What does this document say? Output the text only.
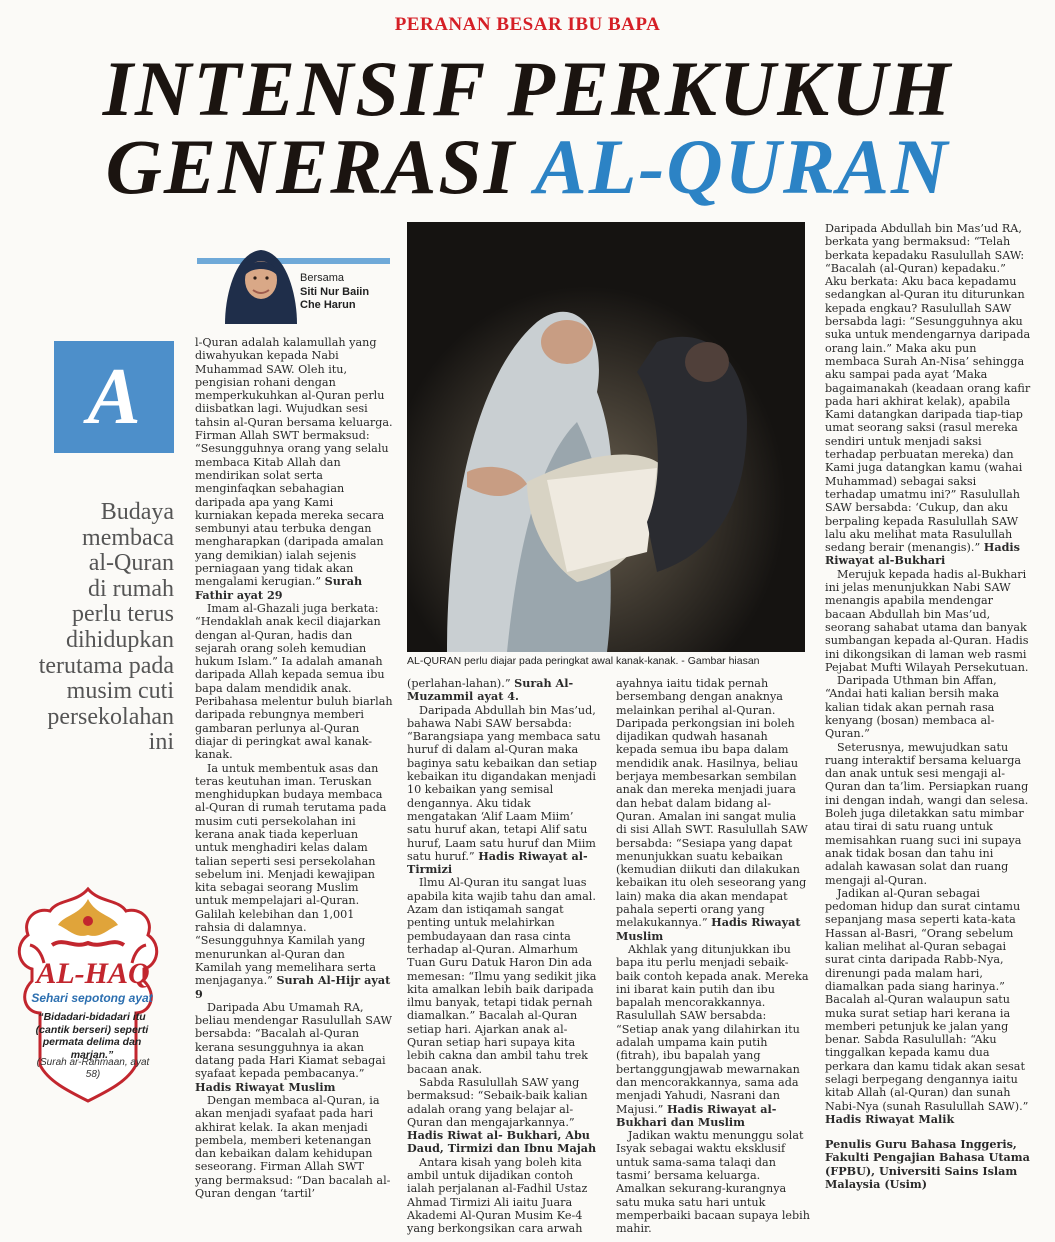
PERANAN BESAR IBU BAPA
INTENSIF PERKUKUH
GENERASI AL-QURAN
Bersama
Siti Nur Baiin
Che Harun
A
Budaya
membaca
al-Quran
di rumah
perlu terus
dihidupkan
terutama pada
musim cuti
persekolahan
ini
AL-HAQ
Sehari sepotong ayat
“Bidadari-bidadari itu (cantik berseri) seperti permata delima dan marjan.”
(Surah ar-Rahmaan, ayat 58)
AL-QURAN perlu diajar pada peringkat awal kanak-kanak. - Gambar hiasan

l-Quran adalah kalamullah yang diwahyukan kepada Nabi Muhammad SAW. Oleh itu, pengisian rohani dengan memperkukuhkan al-Quran perlu diisbatkan lagi. Wujudkan sesi tahsin al-Quran bersama keluarga. Firman Allah SWT bermaksud: “Sesungguhnya orang yang selalu membaca Kitab Allah dan mendirikan solat serta menginfaqkan sebahagian daripada apa yang Kami kurniakan kepada mereka secara sembunyi atau terbuka dengan mengharapkan (daripada amalan yang demikian) ialah sejenis perniagaan yang tidak akan mengalami kerugian.” Surah Fathir ayat 29

Imam al-Ghazali juga berkata: “Hendaklah anak kecil diajarkan dengan al-Quran, hadis dan sejarah orang soleh kemudian hukum Islam.” Ia adalah amanah daripada Allah kepada semua ibu bapa dalam mendidik anak. Peribahasa melentur buluh biarlah daripada rebungnya memberi gambaran perlunya al-Quran diajar di peringkat awal kanak-kanak.

Ia untuk membentuk asas dan teras keutuhan iman. Teruskan menghidupkan budaya membaca al-Quran di rumah terutama pada musim cuti persekolahan ini kerana anak tiada keperluan untuk menghadiri kelas dalam talian seperti sesi persekolahan sebelum ini. Menjadi kewajipan kita sebagai seorang Muslim untuk mempelajari al-Quran. Galilah kelebihan dan 1,001 rahsia di dalamnya. “Sesungguhnya Kamilah yang menurunkan al-Quran dan Kamilah yang memelihara serta menjaganya.” Surah Al-Hijr ayat 9

Daripada Abu Umamah RA, beliau mendengar Rasulullah SAW bersabda: “Bacalah al-Quran kerana sesungguhnya ia akan datang pada Hari Kiamat sebagai syafaat kepada pembacanya.” Hadis Riwayat Muslim

Dengan membaca al-Quran, ia akan menjadi syafaat pada hari akhirat kelak. Ia akan menjadi pembela, memberi ketenangan dan kebaikan dalam kehidupan seseorang. Firman Allah SWT yang bermaksud: “Dan bacalah al-Quran dengan ‘tartil’

(perlahan-lahan).” Surah Al-Muzammil ayat 4.

Daripada Abdullah bin Mas’ud, bahawa Nabi SAW bersabda: “Barangsiapa yang membaca satu huruf di dalam al-Quran maka baginya satu kebaikan dan setiap kebaikan itu digandakan menjadi 10 kebaikan yang semisal dengannya. Aku tidak mengatakan ‘Alif Laam Miim’ satu huruf akan, tetapi Alif satu huruf, Laam satu huruf dan Miim satu huruf.” Hadis Riwayat al-Tirmizi

Ilmu Al-Quran itu sangat luas apabila kita wajib tahu dan amal. Azam dan istiqamah sangat penting untuk melahirkan pembudayaan dan rasa cinta terhadap al-Quran. Almarhum Tuan Guru Datuk Haron Din ada memesan: “Ilmu yang sedikit jika kita amalkan lebih baik daripada ilmu banyak, tetapi tidak pernah diamalkan.” Bacalah al-Quran setiap hari. Ajarkan anak al-Quran setiap hari supaya kita lebih cakna dan ambil tahu trek bacaan anak.

Sabda Rasulullah SAW yang bermaksud: “Sebaik-baik kalian adalah orang yang belajar al-Quran dan mengajarkannya.” Hadis Riwat al- Bukhari, Abu Daud, Tirmizi dan Ibnu Majah

Antara kisah yang boleh kita ambil untuk dijadikan contoh ialah perjalanan al-Fadhil Ustaz Ahmad Tirmizi Ali iaitu Juara Akademi Al-Quran Musim Ke-4 yang berkongsikan cara arwah

ayahnya iaitu tidak pernah bersembang dengan anaknya melainkan perihal al-Quran. Daripada perkongsian ini boleh dijadikan qudwah hasanah kepada semua ibu bapa dalam mendidik anak. Hasilnya, beliau berjaya membesarkan sembilan anak dan mereka menjadi juara dan hebat dalam bidang al-Quran. Amalan ini sangat mulia di sisi Allah SWT. Rasulullah SAW bersabda: “Sesiapa yang dapat menunjukkan suatu kebaikan (kemudian diikuti dan dilakukan kebaikan itu oleh seseorang yang lain) maka dia akan mendapat pahala seperti orang yang melakukannya.” Hadis Riwayat Muslim

Akhlak yang ditunjukkan ibu bapa itu perlu menjadi sebaik-baik contoh kepada anak. Mereka ini ibarat kain putih dan ibu bapalah mencorakkannya. Rasulullah SAW bersabda: “Setiap anak yang dilahirkan itu adalah umpama kain putih (fitrah), ibu bapalah yang bertanggungjawab mewarnakan dan mencorakkannya, sama ada menjadi Yahudi, Nasrani dan Majusi.” Hadis Riwayat al-Bukhari dan Muslim

Jadikan waktu menunggu solat Isyak sebagai waktu eksklusif untuk sama-sama talaqi dan tasmi’ bersama keluarga. Amalkan sekurang-kurangnya satu muka satu hari untuk memperbaiki bacaan supaya lebih mahir.

Daripada Abdullah bin Mas’ud RA, berkata yang bermaksud: “Telah berkata kepadaku Rasulullah SAW: “Bacalah (al-Quran) kepadaku.” Aku berkata: Aku baca kepadamu sedangkan al-Quran itu diturunkan kepada engkau? Rasulullah SAW bersabda lagi: “Sesungguhnya aku suka untuk mendengarnya daripada orang lain.” Maka aku pun membaca Surah An-Nisa’ sehingga aku sampai pada ayat ‘Maka bagaimanakah (keadaan orang kafir pada hari akhirat kelak), apabila Kami datangkan daripada tiap-tiap umat seorang saksi (rasul mereka sendiri untuk menjadi saksi terhadap perbuatan mereka) dan Kami juga datangkan kamu (wahai Muhammad) sebagai saksi terhadap umatmu ini?” Rasulullah SAW bersabda: ‘Cukup, dan aku berpaling kepada Rasulullah SAW lalu aku melihat mata Rasulullah sedang berair (menangis).” Hadis Riwayat al-Bukhari

Merujuk kepada hadis al-Bukhari ini jelas menunjukkan Nabi SAW menangis apabila mendengar bacaan Abdullah bin Mas’ud, seorang sahabat utama dan banyak sumbangan kepada al-Quran. Hadis ini dikongsikan di laman web rasmi Pejabat Mufti Wilayah Persekutuan.

Daripada Uthman bin Affan, “Andai hati kalian bersih maka kalian tidak akan pernah rasa kenyang (bosan) membaca al-Quran.”

Seterusnya, mewujudkan satu ruang interaktif bersama keluarga dan anak untuk sesi mengaji al-Quran dan ta’lim. Persiapkan ruang ini dengan indah, wangi dan selesa. Boleh juga diletakkan satu mimbar atau tirai di satu ruang untuk memisahkan ruang suci ini supaya anak tidak bosan dan tahu ini adalah kawasan solat dan ruang mengaji al-Quran.

Jadikan al-Quran sebagai pedoman hidup dan surat cintamu sepanjang masa seperti kata-kata Hassan al-Basri, “Orang sebelum kalian melihat al-Quran sebagai surat cinta daripada Rabb-Nya, direnungi pada malam hari, diamalkan pada siang harinya.” Bacalah al-Quran walaupun satu muka surat setiap hari kerana ia memberi petunjuk ke jalan yang benar. Sabda Rasulullah: “Aku tinggalkan kepada kamu dua perkara dan kamu tidak akan sesat selagi berpegang dengannya iaitu kitab Allah (al-Quran) dan sunah Nabi-Nya (sunah Rasulullah SAW).” Hadis Riwayat Malik

Penulis Guru Bahasa Inggeris, Fakulti Pengajian Bahasa Utama (FPBU), Universiti Sains Islam Malaysia (Usim)
